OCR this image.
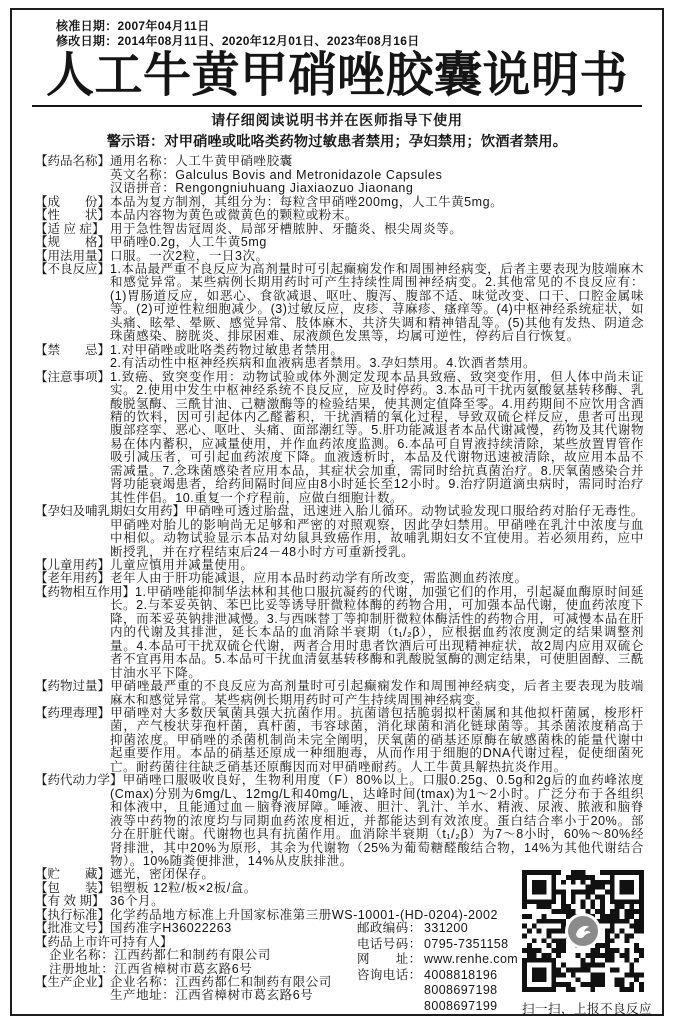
核准日期：2007年04月11日
修改日期：2014年08月11日、2020年12月01日、2023年08月16日
人工牛黄甲硝唑胶囊说明书
请仔细阅读说明书并在医师指导下使用
警示语：对甲硝唑或吡咯类药物过敏患者禁用；孕妇禁用；饮酒者禁用。
【药品名称】通用名称：人工牛黄甲硝唑胶囊
英文名称：Galculus Bovis and Metronidazole Capsules
汉语拼音：Rengongniuhuang Jiaxiaozuo Jiaonang
【成　　份】本品为复方制剂，其组分为：每粒含甲硝唑200mg，人工牛黄5mg。
【性　　状】本品内容物为黄色或微黄色的颗粒或粉末。
【适 应 症】 用于急性智齿冠周炎、局部牙槽脓肿、牙髓炎、根尖周炎等。
【规　　格】甲硝唑0.2g，人工牛黄5mg
【用法用量】口服。一次2粒，一日3次。
【不良反应】1.本品最严重不良反应为高剂量时可引起癫痫发作和周围神经病变，后者主要表现为肢端麻木和感觉异常。某些病例长期用药时可产生持续性周围神经病变。2.其他常见的不良反应有：(1)胃肠道反应，如恶心、食欲减退、呕吐、腹泻、腹部不适、味觉改变、口干、口腔金属味等。(2)可逆性粒细胞减少。(3)过敏反应，皮疹、荨麻疹、瘙痒等。(4)中枢神经系统症状，如头痛、眩晕、晕厥、感觉异常、肢体麻木、共济失调和精神错乱等。(5)其他有发热、阴道念珠菌感染、膀胱炎、排尿困难、尿液颜色发黑等，均属可逆性，停药后自行恢复。
【禁　　忌】1.对甲硝唑或吡咯类药物过敏患者禁用。
2.有活动性中枢神经疾病和血液病患者禁用。3.孕妇禁用。4.饮酒者禁用。
【注意事项】1.致癌、致突变作用：动物试验或体外测定发现本品具致癌、致突变作用，但人体中尚未证实。2.使用中发生中枢神经系统不良反应，应及时停药。3.本品可干扰丙氨酸氨基转移酶、乳酸脱氢酶、三酰甘油、己糖激酶等的检验结果，使其测定值降至零。4.用药期间不应饮用含酒精的饮料，因可引起体内乙醛蓄积，干扰酒精的氧化过程，导致双硫仑样反应，患者可出现腹部痉挛、恶心、呕吐、头痛、面部潮红等。5.肝功能减退者本品代谢减慢，药物及其代谢物易在体内蓄积，应减量使用，并作血药浓度监测。6.本品可自胃液持续清除，某些放置胃管作吸引减压者，可引起血药浓度下降。血液透析时，本品及代谢物迅速被清除，故应用本品不需减量。7.念珠菌感染者应用本品，其症状会加重，需同时给抗真菌治疗。8.厌氧菌感染合并肾功能衰竭患者，给药间隔时间应由8小时延长至12小时。9.治疗阴道滴虫病时，需同时治疗其性伴侣。10.重复一个疗程前，应做白细胞计数。
【孕妇及哺乳期妇女用药】甲硝唑可透过胎盘，迅速进入胎儿循环。动物试验发现口服给药对胎仔无毒性。甲硝唑对胎儿的影响尚无足够和严密的对照观察，因此孕妇禁用。甲硝唑在乳汁中浓度与血中相似。动物试验显示本品对幼鼠具致癌作用，故哺乳期妇女不宜使用。若必须用药，应中断授乳，并在疗程结束后24－48小时方可重新授乳。
【儿童用药】儿童应慎用并减量使用。
【老年用药】老年人由于肝功能减退，应用本品时药动学有所改变，需监测血药浓度。
【药物相互作用】1.甲硝唑能抑制华法林和其他口服抗凝药的代谢，加强它们的作用，引起凝血酶原时间延长。2.与苯妥英钠、苯巴比妥等诱导肝微粒体酶的药物合用，可加强本品代谢，使血药浓度下降，而苯妥英钠排泄减慢。3.与西咪替丁等抑制肝微粒体酶活性的药物合用，可减慢本品在肝内的代谢及其排泄，延长本品的血消除半衰期（t₁/₂β），应根据血药浓度测定的结果调整剂量。4.本品可干扰双硫仑代谢，两者合用时患者饮酒后可出现精神症状，故2周内应用双硫仑者不宜再用本品。5.本品可干扰血清氨基转移酶和乳酸脱氢酶的测定结果，可使胆固醇、三酰甘油水平下降。
【药物过量】甲硝唑最严重的不良反应为高剂量时可引起癫痫发作和周围神经病变，后者主要表现为肢端麻木和感觉异常。某些病例长期用药时可产生持续周围神经病变。
【药理毒理】甲硝唑对大多数厌氧菌具强大抗菌作用。抗菌谱包括脆弱拟杆菌属和其他拟杆菌属，梭形杆菌，产气梭状芽孢杆菌，真杆菌，韦容球菌，消化球菌和消化链球菌等。其杀菌浓度稍高于抑菌浓度。甲硝唑的杀菌机制尚未完全阐明，厌氧菌的硝基还原酶在敏感菌株的能量代谢中起重要作用。本品的硝基还原成一种细胞毒，从而作用于细胞的DNA代谢过程，促使细菌死亡。耐药菌往往缺乏硝基还原酶因而对甲硝唑耐药。人工牛黄具解热抗炎作用。
【药代动力学】甲硝唑口服吸收良好，生物利用度（F）80%以上。口服0.25g、0.5g和2g后的血药峰浓度(Cmax)分别为6mg/L、12mg/L和40mg/L，达峰时间(tmax)为1～2小时。广泛分布于各组织和体液中，且能通过血－脑脊液屏障。唾液、胆汁、乳汁、羊水、精液、尿液、脓液和脑脊液等中药物的浓度均与同期血药浓度相近，并都能达到有效浓度。蛋白结合率小于20%。部分在肝脏代谢。代谢物也具有抗菌作用。血消除半衰期（t₁/₂β）为7～8小时，60%～80%经肾排泄，其中20%为原形，其余为代谢物（25%为葡萄糖醛酸结合物，14%为其他代谢结合物）。10%随粪便排泄，14%从皮肤排泄。
【贮　　藏】遮光，密闭保存。
【包　　装】铝塑板 12粒/板×2板/盒。
【有 效 期】 36个月。
【执行标准】化学药品地方标准上升国家标准第三册WS-10001-(HD-0204)-2002
【批准文号】国药准字H36022263
【药品上市许可持有人】
企业名称：江西药都仁和制药有限公司
注册地址：江西省樟树市葛玄路6号
【生产企业】企业名称：江西药都仁和制药有限公司
生产地址：江西省樟树市葛玄路6号
邮政编码： 331200
电话号码： 0795-7351158
网　　址： www.renhe.com
咨询电话： 4008818196
8008697198
8008697199	扫一扫，上报不良反应
